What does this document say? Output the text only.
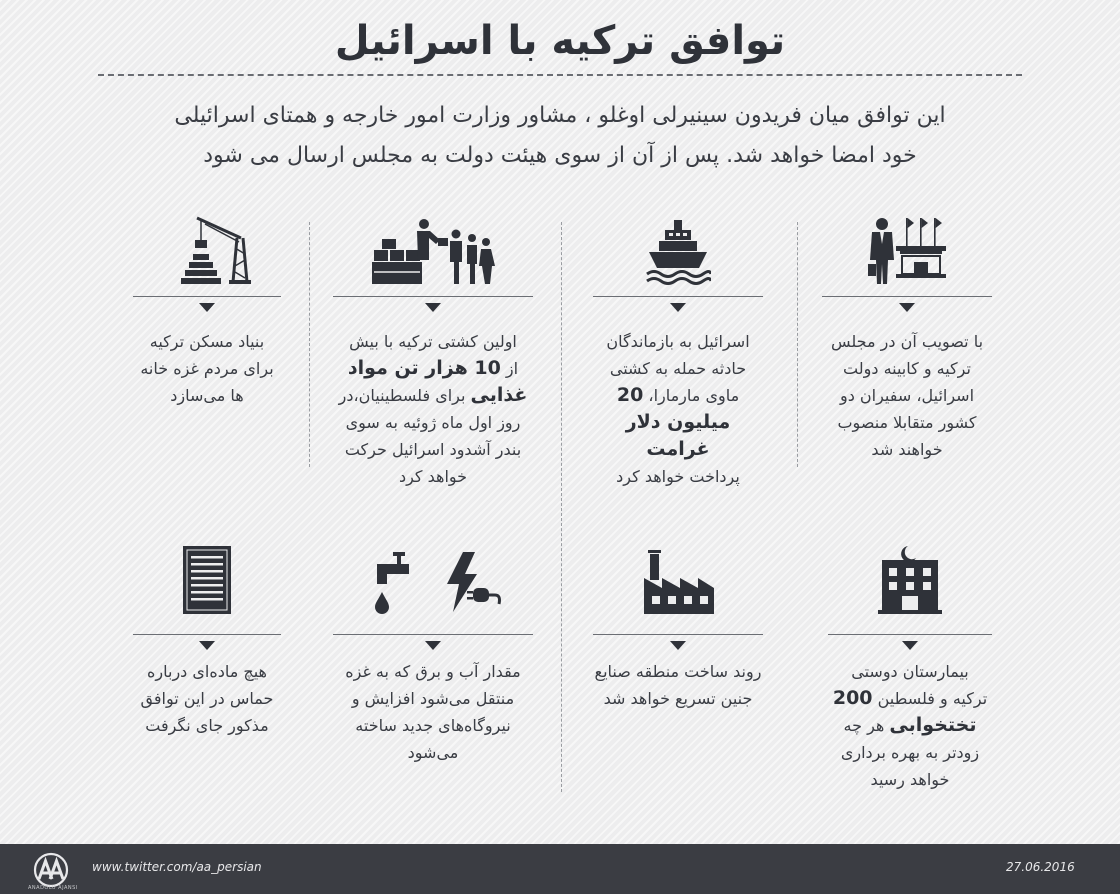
توافق ترکیه با اسرائیل
این توافق میان فریدون سینیرلی اوغلو ، مشاور وزارت امور خارجه و همتای اسرائیلی
خود امضا خواهد شد. پس از آن از سوی هیئت دولت به مجلس ارسال می شود
با تصویب آن در مجلس
ترکیه و کابینه دولت
اسرائیل، سفیران دو
کشور متقابلا منصوب
خواهند شد
اسرائیل به بازماندگان
حادثه حمله به کشتی
ماوی مارمارا، 20
میلیون دلار غرامت
پرداخت خواهد کرد
اولین کشتی ترکیه با بیش
از 10 هزار تن مواد
غذایی برای فلسطینیان،در
روز اول ماه ژوئیه به سوی
بندر آشدود اسرائیل حرکت
خواهد کرد
بنیاد مسکن ترکیه
برای مردم غزه خانه
ها می‌سازد
بیمارستان دوستی
ترکیه و فلسطین 200
تختخوابی هر چه
زودتر به بهره برداری
خواهد رسید
روند ساخت منطقه صنایع
جنین تسریع خواهد شد
مقدار آب و برق که به غزه
منتقل می‌شود افزایش و
نیروگاه‌های جدید ساخته
می‌شود
هیچ ماده‌ای درباره
حماس در این توافق
مذکور جای نگرفت
ANADOLU AJANSI
www.twitter.com/aa_persian	27.06.2016
